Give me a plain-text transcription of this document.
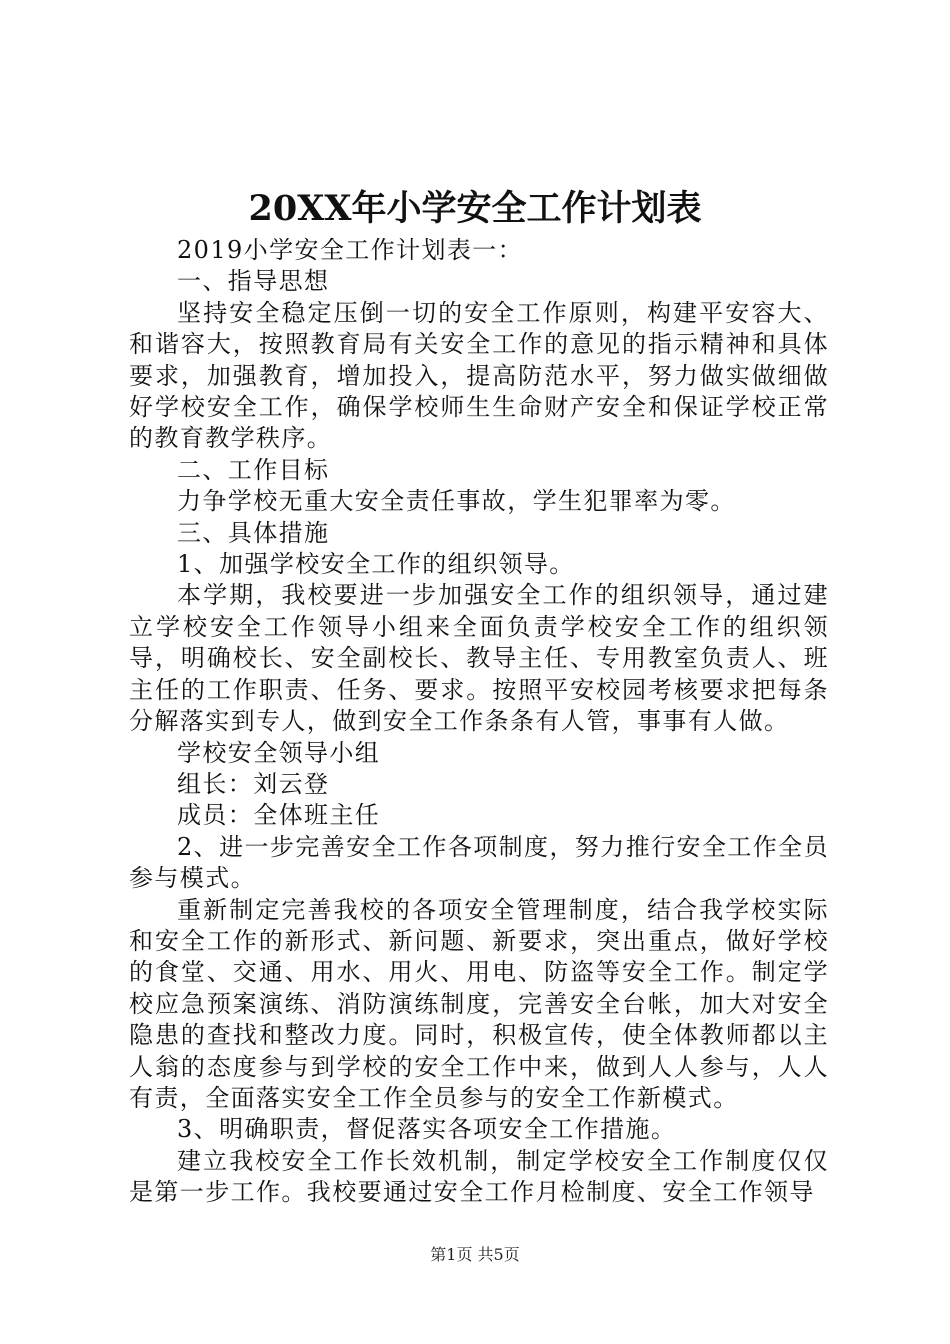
20XX年小学安全工作计划表

2019小学安全工作计划表一：

一、指导思想

坚持安全稳定压倒一切的安全工作原则，构建平安容大、和谐容大，按照教育局有关安全工作的意见的指示精神和具体要求，加强教育，增加投入，提高防范水平，努力做实做细做好学校安全工作，确保学校师生生命财产安全和保证学校正常的教育教学秩序。

二、工作目标

力争学校无重大安全责任事故，学生犯罪率为零。

三、具体措施

1、加强学校安全工作的组织领导。

本学期，我校要进一步加强安全工作的组织领导，通过建立学校安全工作领导小组来全面负责学校安全工作的组织领导，明确校长、安全副校长、教导主任、专用教室负责人、班主任的工作职责、任务、要求。按照平安校园考核要求把每条分解落实到专人，做到安全工作条条有人管，事事有人做。

学校安全领导小组

组长：刘云登

成员：全体班主任

2、进一步完善安全工作各项制度，努力推行安全工作全员参与模式。

重新制定完善我校的各项安全管理制度，结合我学校实际和安全工作的新形式、新问题、新要求，突出重点，做好学校的食堂、交通、用水、用火、用电、防盗等安全工作。制定学校应急预案演练、消防演练制度，完善安全台帐，加大对安全隐患的查找和整改力度。同时，积极宣传，使全体教师都以主人翁的态度参与到学校的安全工作中来，做到人人参与，人人有责，全面落实安全工作全员参与的安全工作新模式。

3、明确职责，督促落实各项安全工作措施。

建立我校安全工作长效机制，制定学校安全工作制度仅仅是第一步工作。我校要通过安全工作月检制度、安全工作领导

第1页 共5页
